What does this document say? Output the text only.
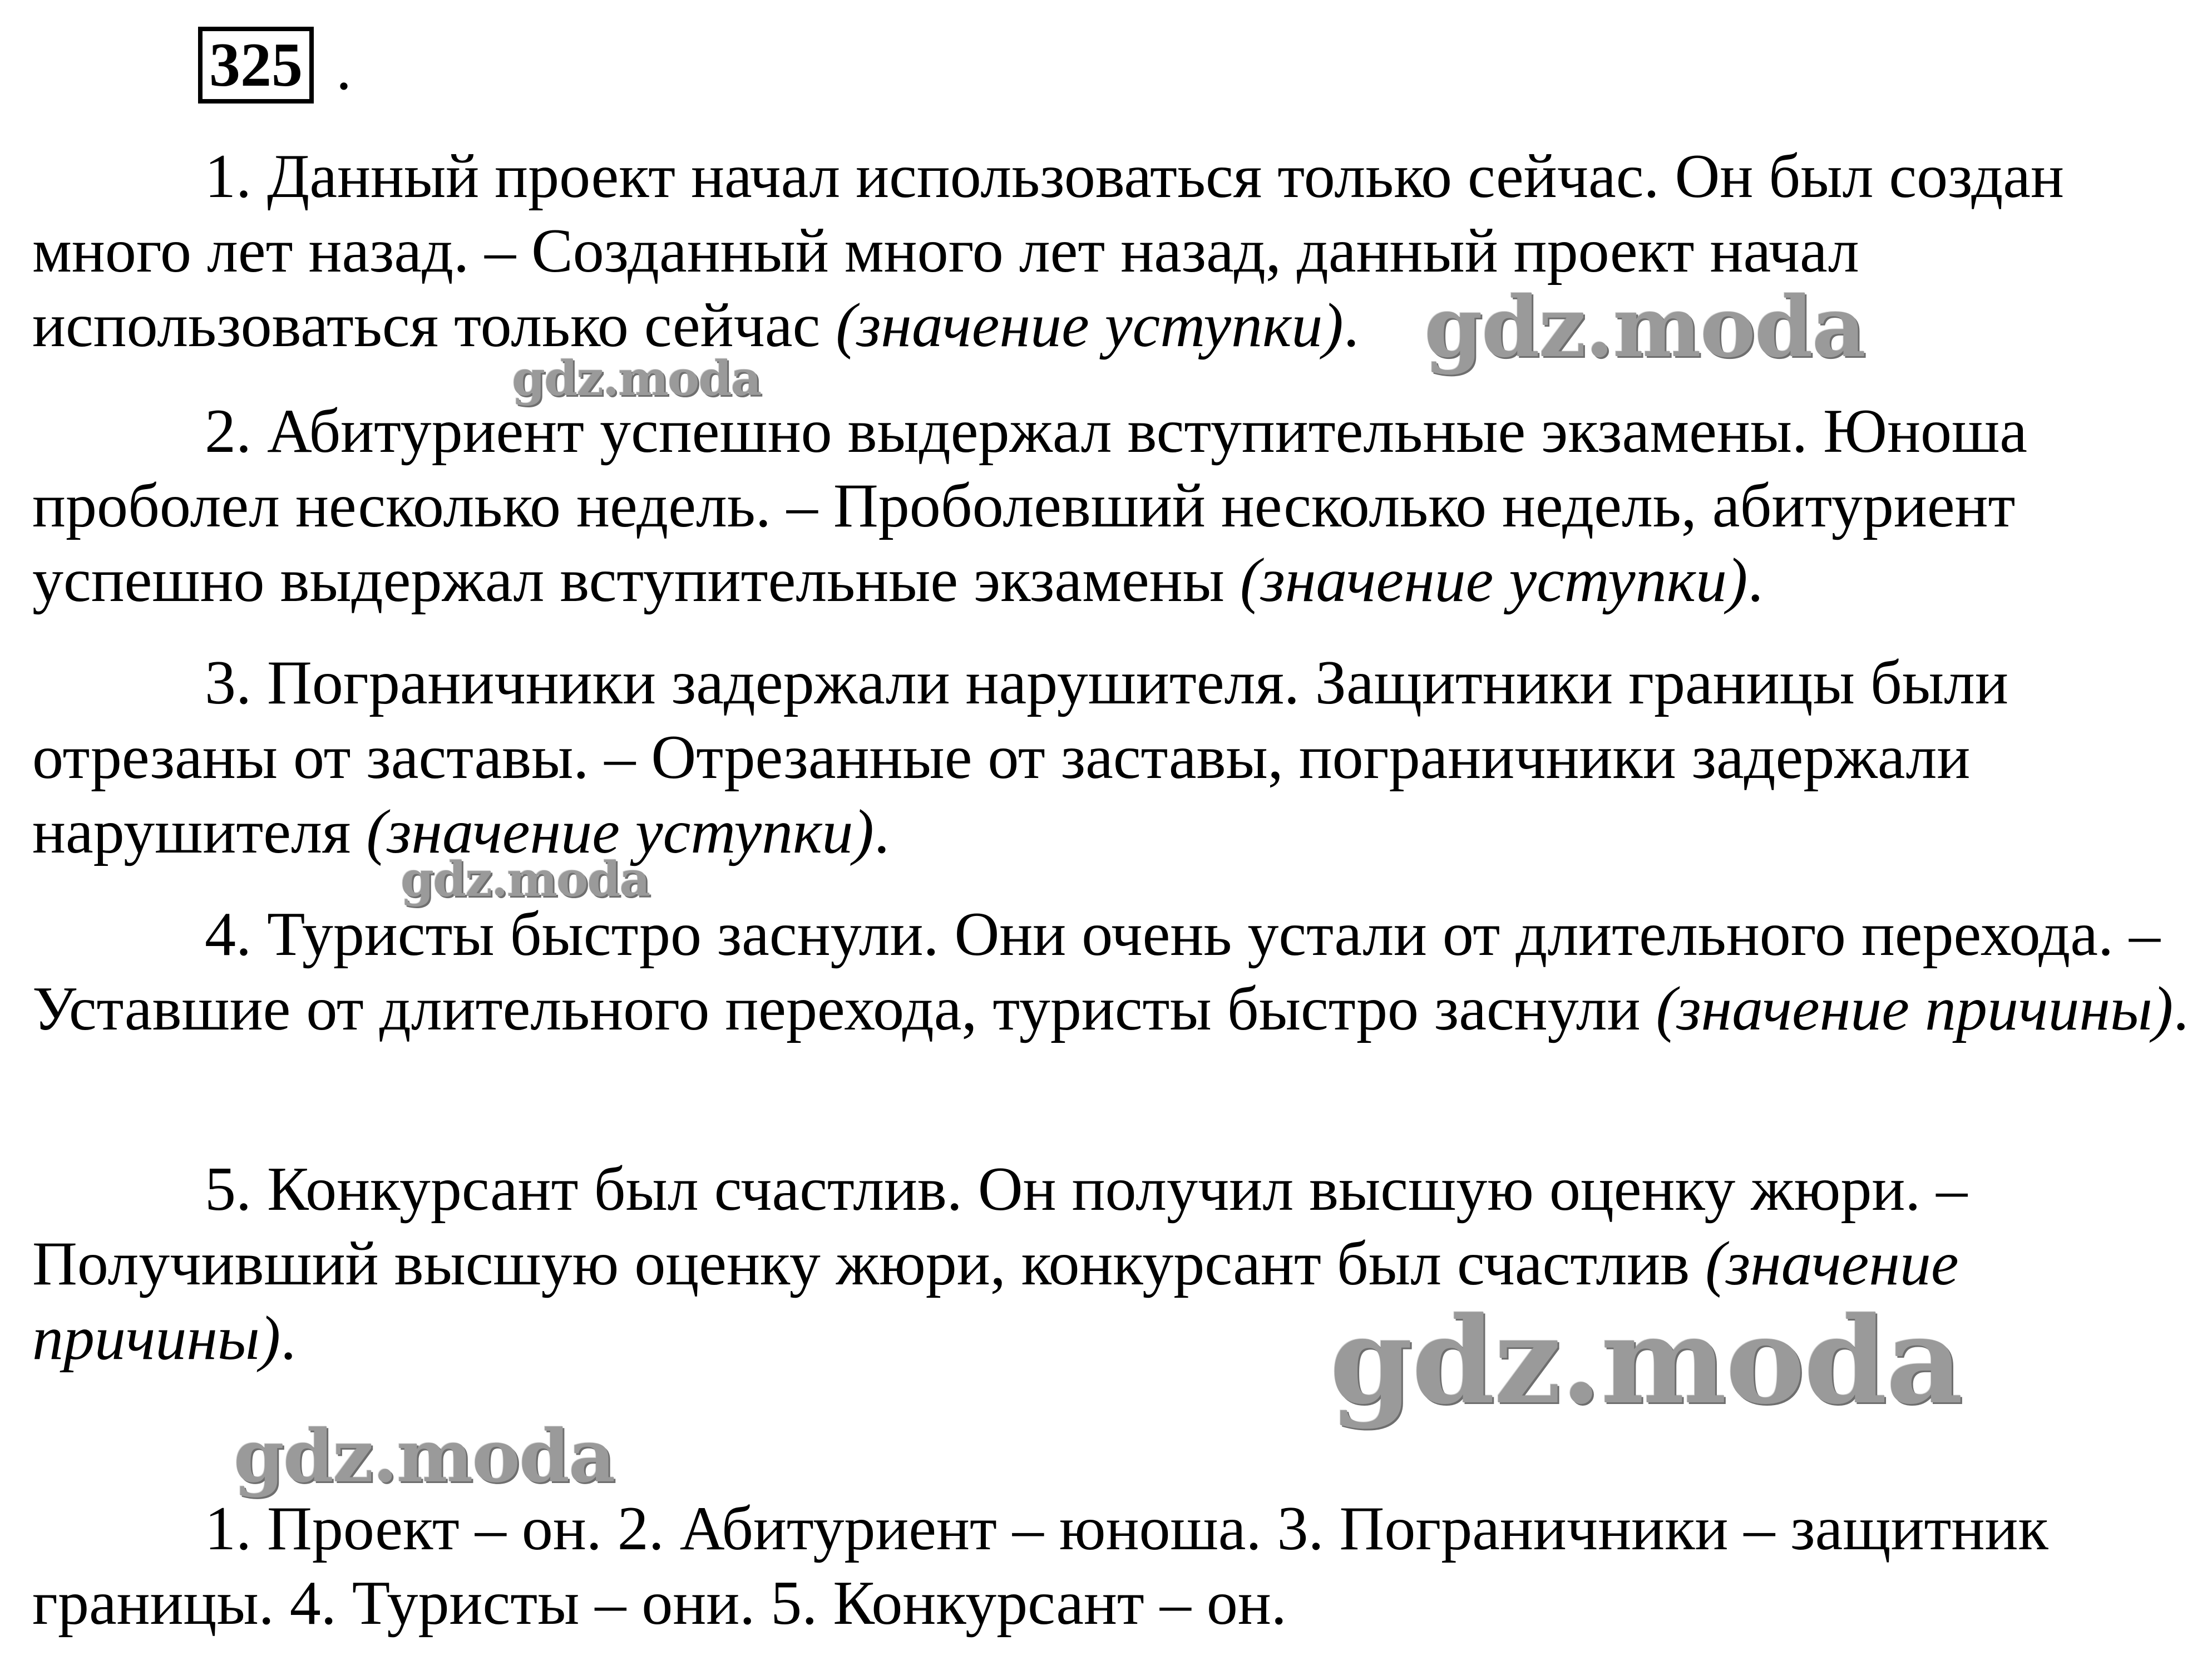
325 .

1. Данный проект начал использоваться только сейчас. Он был создан много лет назад. – Созданный много лет назад, данный проект начал использоваться только сейчас (значение уступки).

2. Абитуриент успешно выдержал вступительные экзамены. Юноша проболел несколько недель. – Проболевший несколько недель, абитуриент успешно выдержал вступительные экзамены (значение уступки).

3. Пограничники задержали нарушителя. Защитники границы были отрезаны от заставы. – Отрезанные от заставы, пограничники задержали нарушителя (значение уступки).

4. Туристы быстро заснули. Они очень устали от длительного перехода. – Уставшие от длительного перехода, туристы быстро заснули (значение причины).

5. Конкурсант был счастлив. Он получил высшую оценку жюри. – Получивший высшую оценку жюри, конкурсант был счастлив (значение причины).

1. Проект – он. 2. Абитуриент – юноша. 3. Пограничники – защитник границы. 4. Туристы – они. 5. Конкурсант – он.

gdz.moda
gdz.moda
gdz.moda
gdz.moda
gdz.moda
